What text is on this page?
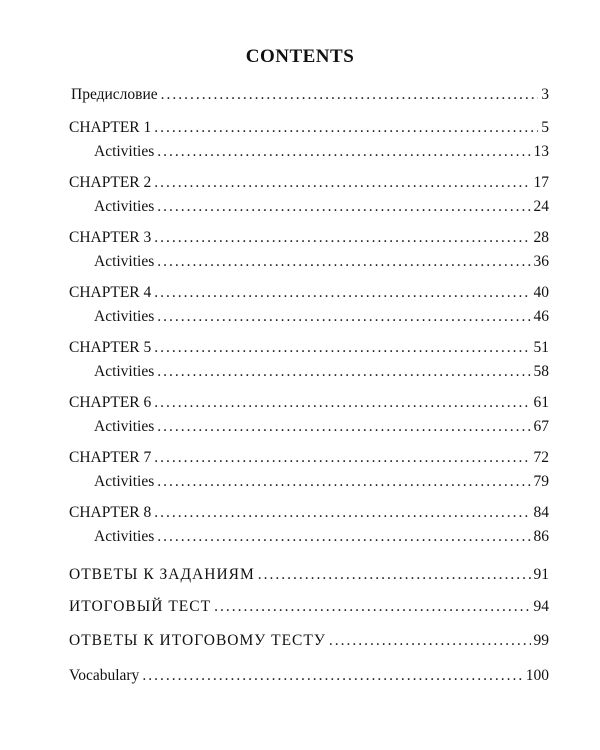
CONTENTS
Предисловие .....	3
CHAPTER 1 .....	5
Activities .....	13
CHAPTER 2 .....	17
Activities .....	24
CHAPTER 3 .....	28
Activities .....	36
CHAPTER 4 .....	40
Activities .....	46
CHAPTER 5 .....	51
Activities .....	58
CHAPTER 6 .....	61
Activities .....	67
CHAPTER 7 .....	72
Activities .....	79
CHAPTER 8 .....	84
Activities .....	86
ОТВЕТЫ К ЗАДАНИЯМ .....	91
ИТОГОВЫЙ ТЕСТ .....	94
ОТВЕТЫ К ИТОГОВОМУ ТЕСТУ .....	99
Vocabulary .....	100
